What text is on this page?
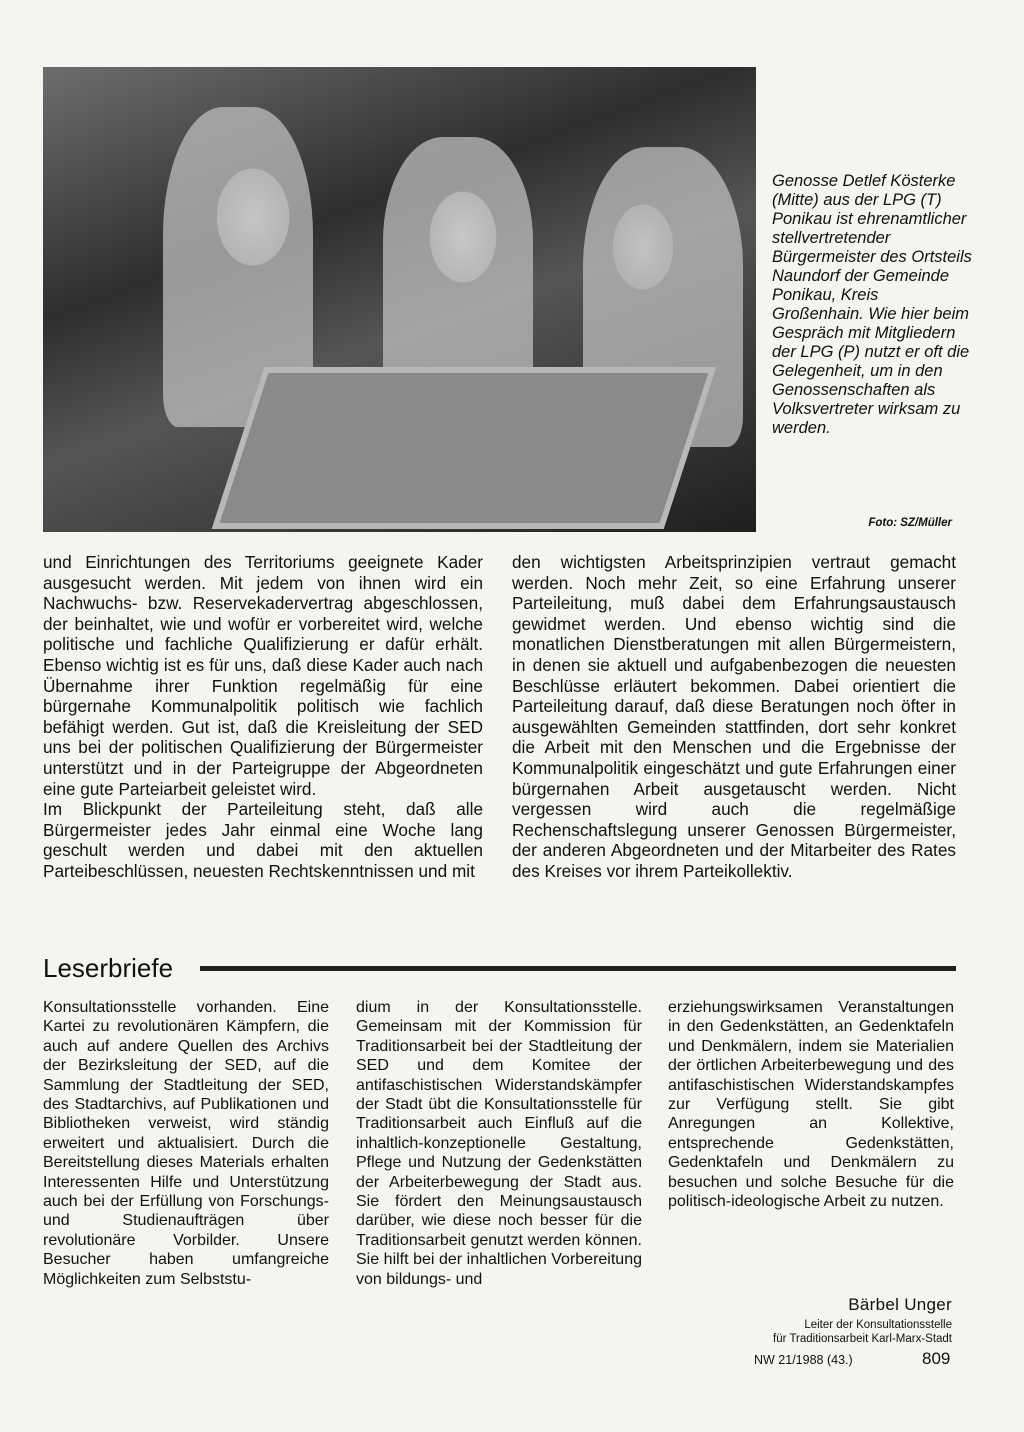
Genosse Detlef Kösterke (Mitte) aus der LPG (T) Ponikau ist ehrenamtlicher stellvertretender Bürgermeister des Ortsteils Naundorf der Gemeinde Ponikau, Kreis Großenhain. Wie hier beim Gespräch mit Mitgliedern der LPG (P) nutzt er oft die Gelegenheit, um in den Genossenschaften als Volksvertreter wirksam zu werden.
Foto: SZ/Müller

und Einrichtungen des Territoriums geeignete Kader ausgesucht werden. Mit jedem von ihnen wird ein Nachwuchs- bzw. Reservekadervertrag abgeschlossen, der beinhaltet, wie und wofür er vorbereitet wird, welche politische und fachliche Qualifizierung er dafür erhält. Ebenso wichtig ist es für uns, daß diese Kader auch nach Übernahme ihrer Funktion regelmäßig für eine bürgernahe Kommunalpolitik politisch wie fachlich befähigt werden. Gut ist, daß die Kreisleitung der SED uns bei der politischen Qualifizierung der Bürgermeister unterstützt und in der Parteigruppe der Abgeordneten eine gute Parteiarbeit geleistet wird.

Im Blickpunkt der Parteileitung steht, daß alle Bürgermeister jedes Jahr einmal eine Woche lang geschult werden und dabei mit den aktuellen Parteibeschlüssen, neuesten Rechtskenntnissen und mit

den wichtigsten Arbeitsprinzipien vertraut gemacht werden. Noch mehr Zeit, so eine Erfahrung unserer Parteileitung, muß dabei dem Erfahrungsaustausch gewidmet werden. Und ebenso wichtig sind die monatlichen Dienstberatungen mit allen Bürgermeistern, in denen sie aktuell und aufgabenbezogen die neuesten Beschlüsse erläutert bekommen. Dabei orientiert die Parteileitung darauf, daß diese Beratungen noch öfter in ausgewählten Gemeinden stattfinden, dort sehr konkret die Arbeit mit den Menschen und die Ergebnisse der Kommunalpolitik eingeschätzt und gute Erfahrungen einer bürgernahen Arbeit ausgetauscht werden. Nicht vergessen wird auch die regelmäßige Rechenschaftslegung unserer Genossen Bürgermeister, der anderen Abgeordneten und der Mitarbeiter des Rates des Kreises vor ihrem Parteikollektiv.

Leserbriefe
Konsultationsstelle vorhanden. Eine Kartei zu revolutionären Kämpfern, die auch auf andere Quellen des Archivs der Bezirksleitung der SED, auf die Sammlung der Stadtleitung der SED, des Stadtarchivs, auf Publikationen und Bibliotheken verweist, wird ständig erweitert und aktualisiert. Durch die Bereitstellung dieses Materials erhalten Interessenten Hilfe und Unterstützung auch bei der Erfüllung von Forschungs- und Studienaufträgen über revolutionäre Vorbilder. Unsere Besucher haben umfangreiche Möglichkeiten zum Selbststu-
dium in der Konsultationsstelle. Gemeinsam mit der Kommission für Traditionsarbeit bei der Stadtleitung der SED und dem Komitee der antifaschistischen Widerstandskämpfer der Stadt übt die Konsultationsstelle für Traditionsarbeit auch Einfluß auf die inhaltlich-konzeptionelle Gestaltung, Pflege und Nutzung der Gedenkstätten der Arbeiterbewegung der Stadt aus. Sie fördert den Meinungsaustausch darüber, wie diese noch besser für die Traditionsarbeit genutzt werden können. Sie hilft bei der inhaltlichen Vorbereitung von bildungs- und
erziehungswirksamen Veranstaltungen in den Gedenkstätten, an Gedenktafeln und Denkmälern, indem sie Materialien der örtlichen Arbeiterbewegung und des antifaschistischen Widerstandskampfes zur Verfügung stellt. Sie gibt Anregungen an Kollektive, entsprechende Gedenkstätten, Gedenktafeln und Denkmälern zu besuchen und solche Besuche für die politisch-ideologische Arbeit zu nutzen.
Bärbel Unger
Leiter der Konsultationsstelle
für Traditionsarbeit Karl-Marx-Stadt
NW 21/1988 (43.)	809
